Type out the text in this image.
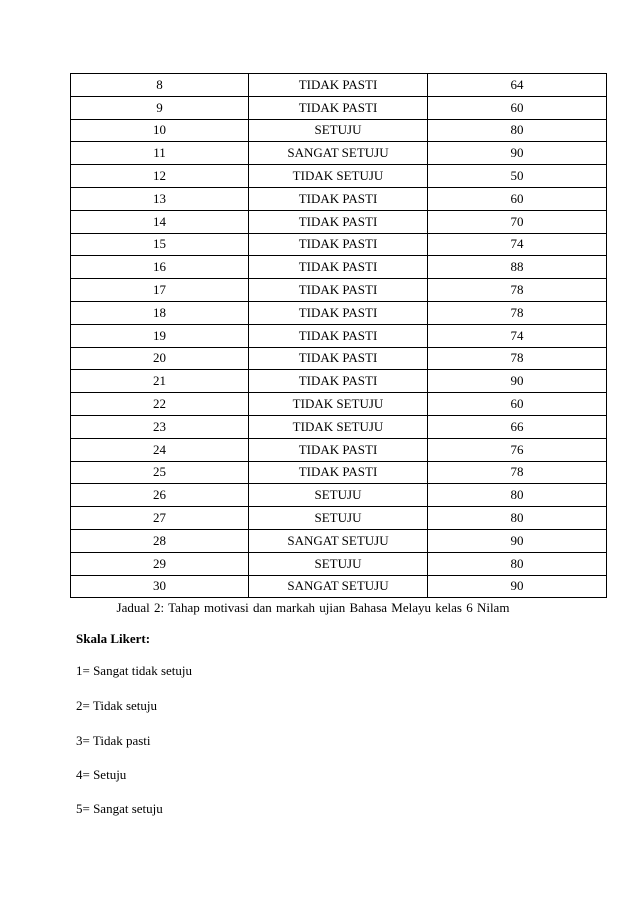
8	TIDAK PASTI	64
9	TIDAK PASTI	60
10	SETUJU	80
11	SANGAT SETUJU	90
12	TIDAK SETUJU	50
13	TIDAK PASTI	60
14	TIDAK PASTI	70
15	TIDAK PASTI	74
16	TIDAK PASTI	88
17	TIDAK PASTI	78
18	TIDAK PASTI	78
19	TIDAK PASTI	74
20	TIDAK PASTI	78
21	TIDAK PASTI	90
22	TIDAK SETUJU	60
23	TIDAK SETUJU	66
24	TIDAK PASTI	76
25	TIDAK PASTI	78
26	SETUJU	80
27	SETUJU	80
28	SANGAT SETUJU	90
29	SETUJU	80
30	SANGAT SETUJU	90
Jadual 2: Tahap motivasi dan markah ujian Bahasa Melayu kelas 6 Nilam
Skala Likert:
1= Sangat tidak setuju
2= Tidak setuju
3= Tidak pasti
4= Setuju
5= Sangat setuju
